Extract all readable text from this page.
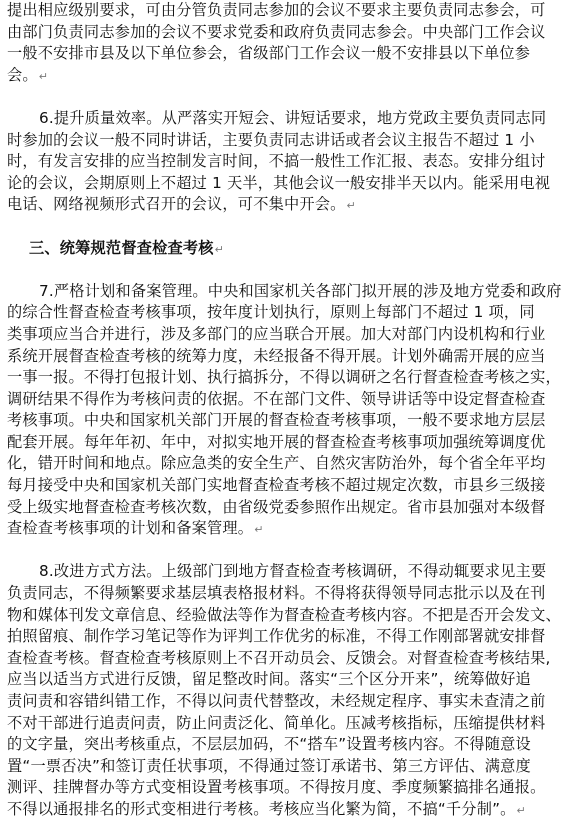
提出相应级别要求，可由分管负责同志参加的会议不要求主要负责同志参会，可
由部门负责同志参加的会议不要求党委和政府负责同志参会。中央部门工作会议
一般不安排市县及以下单位参会，省级部门工作会议一般不安排县以下单位参
会。↵
6.提升质量效率。从严落实开短会、讲短话要求，地方党政主要负责同志同
时参加的会议一般不同时讲话，主要负责同志讲话或者会议主报告不超过 1 小
时，有发言安排的应当控制发言时间，不搞一般性工作汇报、表态。安排分组讨
论的会议，会期原则上不超过 1 天半，其他会议一般安排半天以内。能采用电视
电话、网络视频形式召开的会议，可不集中开会。↵
三、统筹规范督查检查考核↵
7.严格计划和备案管理。中央和国家机关各部门拟开展的涉及地方党委和政府
的综合性督查检查考核事项，按年度计划执行，原则上每部门不超过 1 项，同
类事项应当合并进行，涉及多部门的应当联合开展。加大对部门内设机构和行业
系统开展督查检查考核的统筹力度，未经报备不得开展。计划外确需开展的应当
一事一报。不得打包报计划、执行搞拆分，不得以调研之名行督查检查考核之实，
调研结果不得作为考核问责的依据。不在部门文件、领导讲话等中设定督查检查
考核事项。中央和国家机关部门开展的督查检查考核事项，一般不要求地方层层
配套开展。每年年初、年中，对拟实地开展的督查检查考核事项加强统筹调度优
化，错开时间和地点。除应急类的安全生产、自然灾害防治外，每个省全年平均
每月接受中央和国家机关部门实地督查检查考核不超过规定次数，市县乡三级接
受上级实地督查检查考核次数，由省级党委参照作出规定。省市县加强对本级督
查检查考核事项的计划和备案管理。↵
8.改进方式方法。上级部门到地方督查检查考核调研，不得动辄要求见主要
负责同志，不得频繁要求基层填表格报材料。不得将获得领导同志批示以及在刊
物和媒体刊发文章信息、经验做法等作为督查检查考核内容。不把是否开会发文、
拍照留痕、制作学习笔记等作为评判工作优劣的标准，不得工作刚部署就安排督
查检查考核。督查检查考核原则上不召开动员会、反馈会。对督查检查考核结果,
应当以适当方式进行反馈，留足整改时间。落实“三个区分开来”，统筹做好追
责问责和容错纠错工作，不得以问责代替整改，未经规定程序、事实未查清之前
不对干部进行追责问责，防止问责泛化、简单化。压减考核指标，压缩提供材料
的文字量，突出考核重点，不层层加码，不“搭车”设置考核内容。不得随意设
置“一票否决”和签订责任状事项，不得通过签订承诺书、第三方评估、满意度
测评、挂牌督办等方式变相设置考核事项。不得按月度、季度频繁搞排名通报。
不得以通报排名的形式变相进行考核。考核应当化繁为简，不搞“千分制”。↵
